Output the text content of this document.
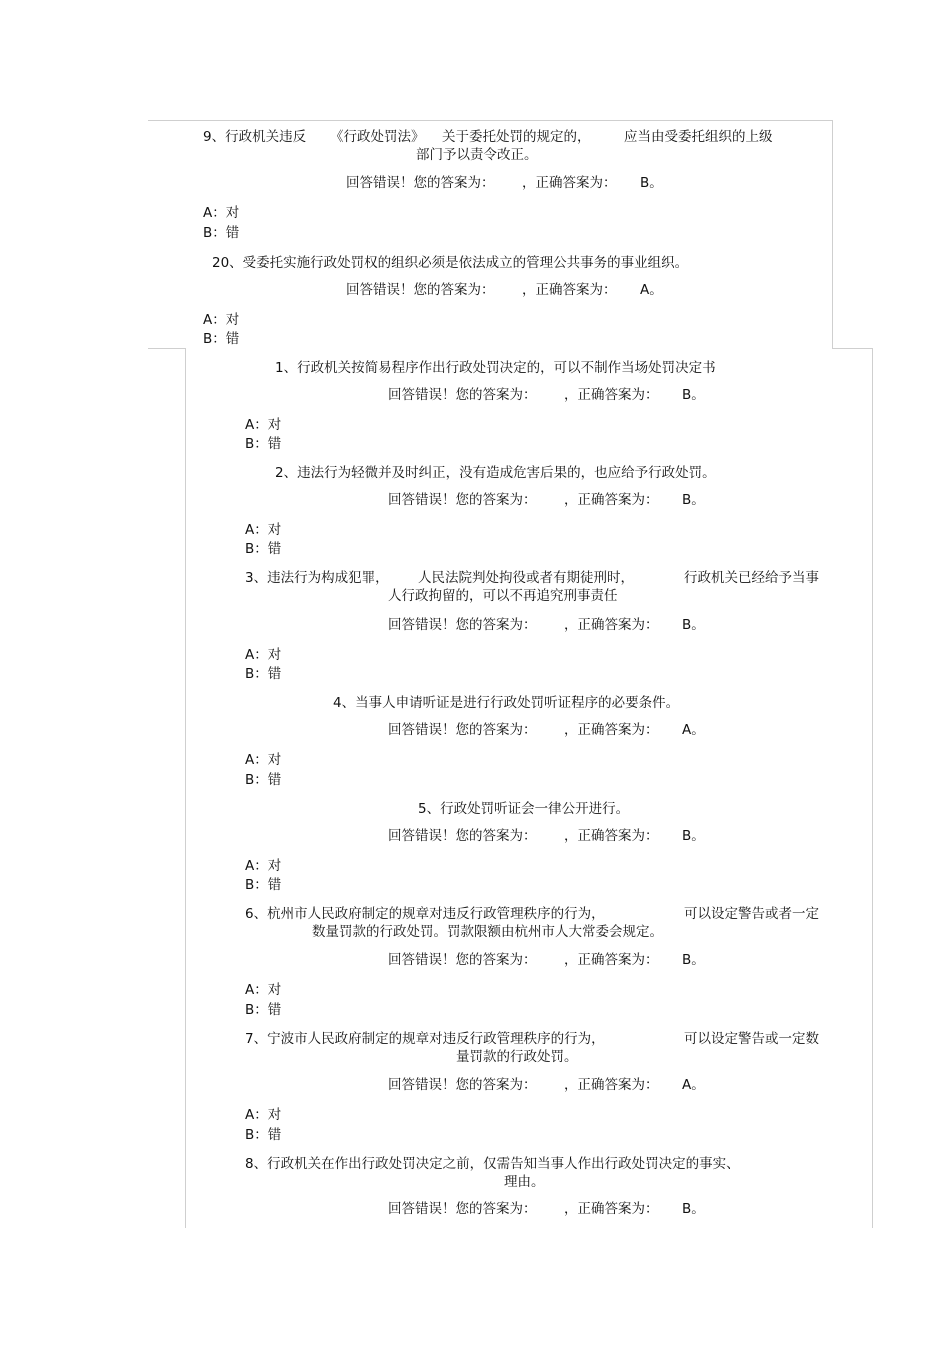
9、行政机关违反 《行政处罚法》 关于委托处罚的规定的， 应当由受委托组织的上级
部门予以责令改正。
回答错误！您的答案为： ，正确答案为： B。
A：对
B：错
20、受委托实施行政处罚权的组织必须是依法成立的管理公共事务的事业组织。
回答错误！您的答案为： ，正确答案为： A。
A：对
B：错
1、行政机关按简易程序作出行政处罚决定的，可以不制作当场处罚决定书
回答错误！您的答案为： ，正确答案为： B。
A：对
B：错
2、违法行为轻微并及时纠正，没有造成危害后果的，也应给予行政处罚。
回答错误！您的答案为： ，正确答案为： B。
A：对
B：错
3、违法行为构成犯罪， 人民法院判处拘役或者有期徒刑时，	行政机关已经给予当事
人行政拘留的，可以不再追究刑事责任
回答错误！您的答案为： ，正确答案为： B。
A：对
B：错
4、当事人申请听证是进行行政处罚听证程序的必要条件。
回答错误！您的答案为： ，正确答案为： A。
A：对
B：错
5、行政处罚听证会一律公开进行。
回答错误！您的答案为： ，正确答案为： B。
A：对
B：错
6、杭州市人民政府制定的规章对违反行政管理秩序的行为，	可以设定警告或者一定
数量罚款的行政处罚。罚款限额由杭州市人大常委会规定。
回答错误！您的答案为： ，正确答案为： B。
A：对
B：错
7、宁波市人民政府制定的规章对违反行政管理秩序的行为，	可以设定警告或一定数
量罚款的行政处罚。
回答错误！您的答案为： ，正确答案为： A。
A：对
B：错
8、行政机关在作出行政处罚决定之前，仅需告知当事人作出行政处罚决定的事实、
理由。
回答错误！您的答案为： ，正确答案为： B。
